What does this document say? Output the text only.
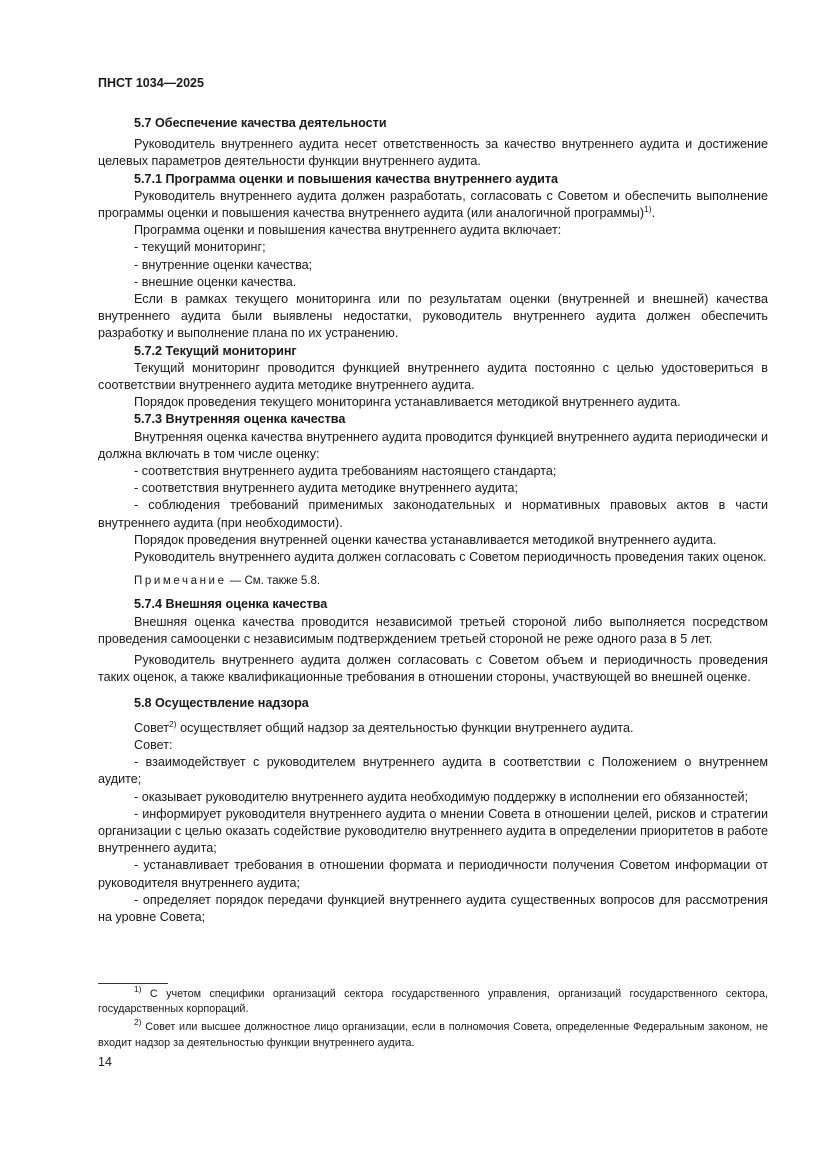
ПНСТ 1034—2025

5.7 Обеспечение качества деятельности

Руководитель внутреннего аудита несет ответственность за качество внутреннего аудита и достижение целевых параметров деятельности функции внутреннего аудита.

5.7.1 Программа оценки и повышения качества внутреннего аудита

Руководитель внутреннего аудита должен разработать, согласовать с Советом и обеспечить выполнение программы оценки и повышения качества внутреннего аудита (или аналогичной программы)$^{1)}$.

Программа оценки и повышения качества внутреннего аудита включает:

- текущий мониторинг;

- внутренние оценки качества;

- внешние оценки качества.

Если в рамках текущего мониторинга или по результатам оценки (внутренней и внешней) качества внутреннего аудита были выявлены недостатки, руководитель внутреннего аудита должен обеспечить разработку и выполнение плана по их устранению.

5.7.2 Текущий мониторинг

Текущий мониторинг проводится функцией внутреннего аудита постоянно с целью удостовериться в соответствии внутреннего аудита методике внутреннего аудита.

Порядок проведения текущего мониторинга устанавливается методикой внутреннего аудита.

5.7.3 Внутренняя оценка качества

Внутренняя оценка качества внутреннего аудита проводится функцией внутреннего аудита периодически и должна включать в том числе оценку:

- соответствия внутреннего аудита требованиям настоящего стандарта;

- соответствия внутреннего аудита методике внутреннего аудита;

- соблюдения требований применимых законодательных и нормативных правовых актов в части внутреннего аудита (при необходимости).

Порядок проведения внутренней оценки качества устанавливается методикой внутреннего аудита.

Руководитель внутреннего аудита должен согласовать с Советом периодичность проведения таких оценок.

Примечание — См. также 5.8.

5.7.4 Внешняя оценка качества

Внешняя оценка качества проводится независимой третьей стороной либо выполняется посредством проведения самооценки с независимым подтверждением третьей стороной не реже одного раза в 5 лет.

Руководитель внутреннего аудита должен согласовать с Советом объем и периодичность проведения таких оценок, а также квалификационные требования в отношении стороны, участвующей во внешней оценке.

5.8 Осуществление надзора

Совет$^{2)}$ осуществляет общий надзор за деятельностью функции внутреннего аудита.

Совет:

- взаимодействует с руководителем внутреннего аудита в соответствии с Положением о внутреннем аудите;

- оказывает руководителю внутреннего аудита необходимую поддержку в исполнении его обязанностей;

- информирует руководителя внутреннего аудита о мнении Совета в отношении целей, рисков и стратегии организации с целью оказать содействие руководителю внутреннего аудита в определении приоритетов в работе внутреннего аудита;

- устанавливает требования в отношении формата и периодичности получения Советом информации от руководителя внутреннего аудита;

- определяет порядок передачи функцией внутреннего аудита существенных вопросов для рассмотрения на уровне Совета;

$^{1)}$ С учетом специфики организаций сектора государственного управления, организаций государственного сектора, государственных корпораций.

$^{2)}$ Совет или высшее должностное лицо организации, если в полномочия Совета, определенные Федеральным законом, не входит надзор за деятельностью функции внутреннего аудита.

14
